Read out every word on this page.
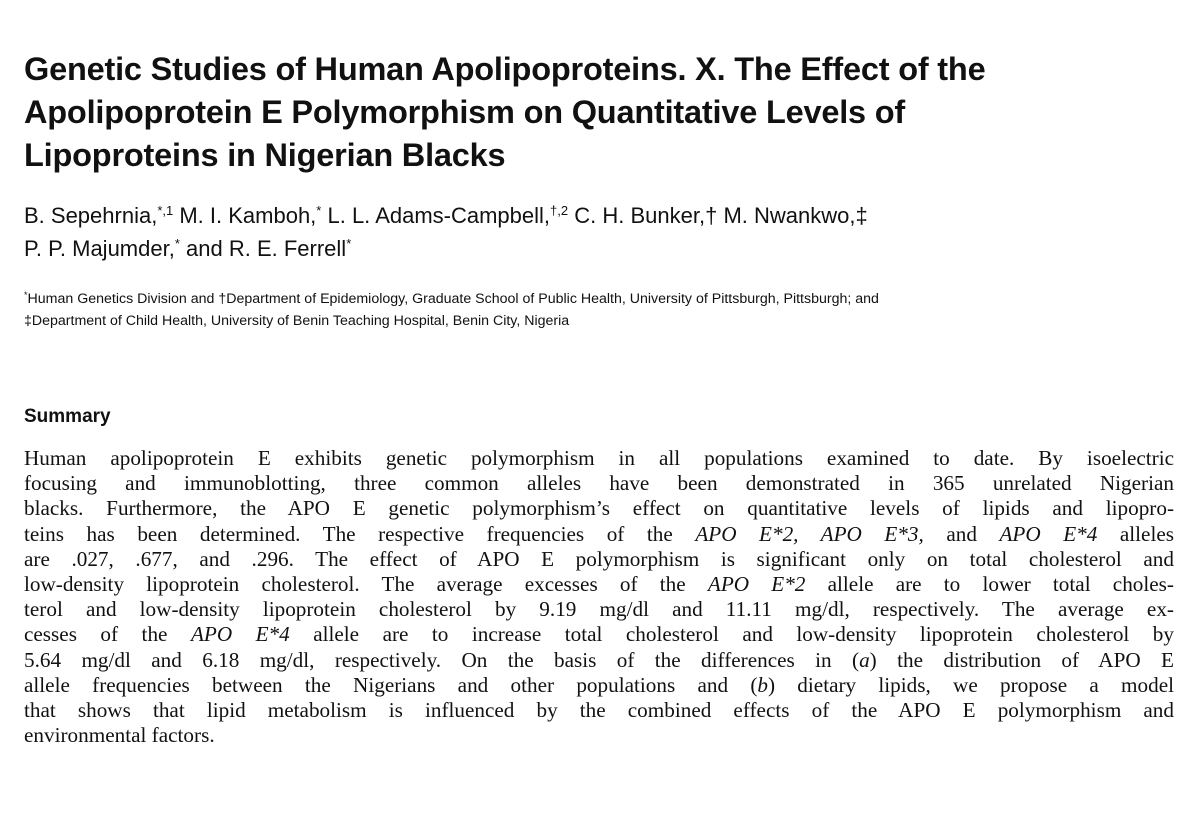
Genetic Studies of Human Apolipoproteins. X. The Effect of the
Apolipoprotein E Polymorphism on Quantitative Levels of
Lipoproteins in Nigerian Blacks
B. Sepehrnia,$^{*,1}$ M. I. Kamboh,* L. L. Adams-Campbell,$^{\dagger,2}$ C. H. Bunker,† M. Nwankwo,‡
P. P. Majumder,* and R. E. Ferrell*
*Human Genetics Division and †Department of Epidemiology, Graduate School of Public Health, University of Pittsburgh, Pittsburgh; and
‡Department of Child Health, University of Benin Teaching Hospital, Benin City, Nigeria
Summary
Human apolipoprotein E exhibits genetic polymorphism in all populations examined to date. By isoelectric
focusing and immunoblotting, three common alleles have been demonstrated in 365 unrelated Nigerian
blacks. Furthermore, the APO E genetic polymorphism’s effect on quantitative levels of lipids and lipopro-
teins has been determined. The respective frequencies of the APO E*2, APO E*3, and APO E*4 alleles
are .027, .677, and .296. The effect of APO E polymorphism is significant only on total cholesterol and
low-density lipoprotein cholesterol. The average excesses of the APO E*2 allele are to lower total choles-
terol and low-density lipoprotein cholesterol by 9.19 mg/dl and 11.11 mg/dl, respectively. The average ex-
cesses of the APO E*4 allele are to increase total cholesterol and low-density lipoprotein cholesterol by
5.64 mg/dl and 6.18 mg/dl, respectively. On the basis of the differences in (a) the distribution of APO E
allele frequencies between the Nigerians and other populations and (b) dietary lipids, we propose a model
that shows that lipid metabolism is influenced by the combined effects of the APO E polymorphism and
environmental factors.
